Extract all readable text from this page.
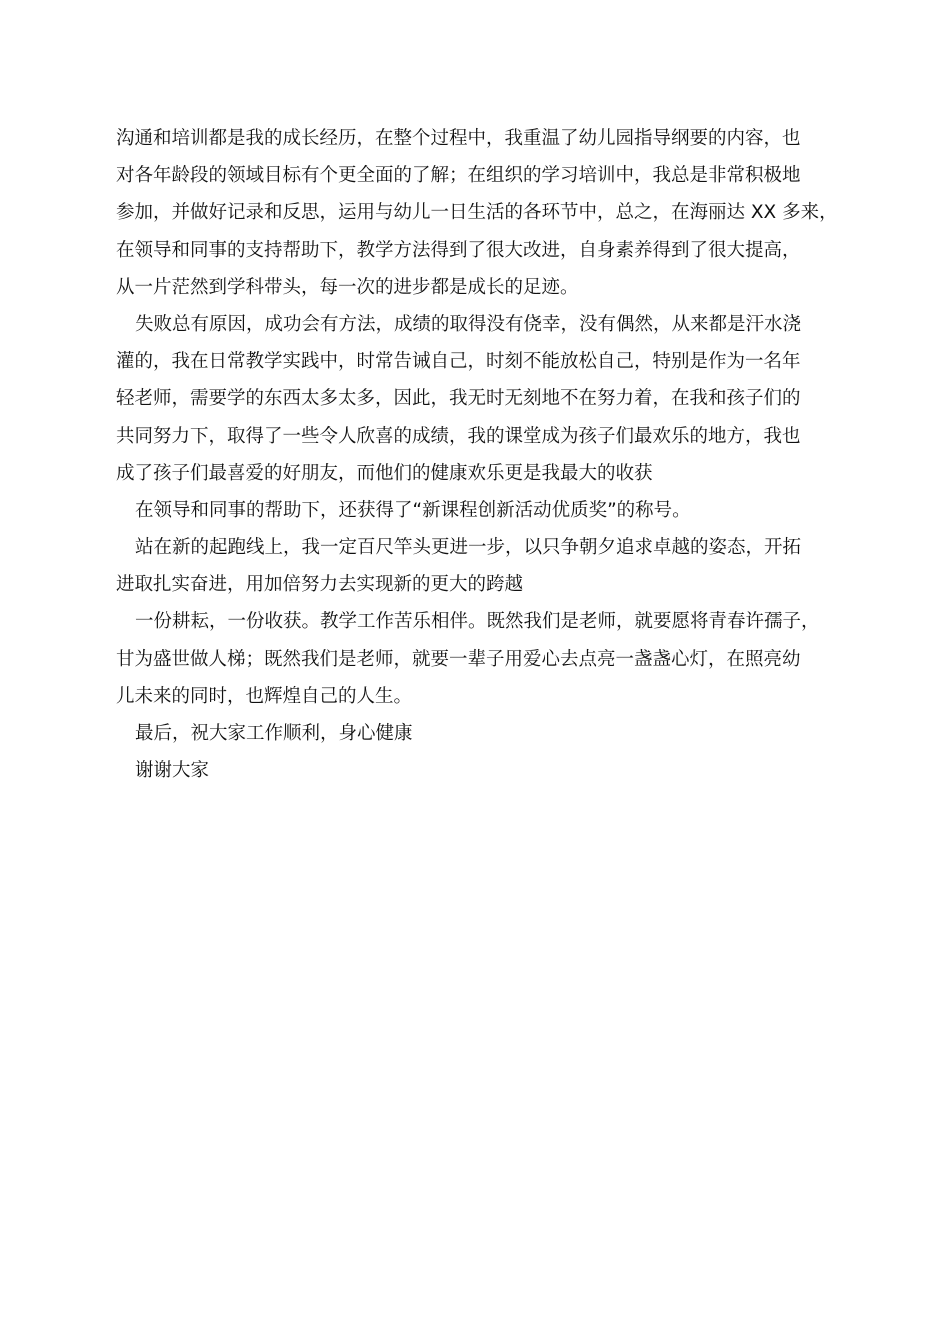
沟通和培训都是我的成长经历，在整个过程中，我重温了幼儿园指导纲要的内容，也
对各年龄段的领域目标有个更全面的了解；在组织的学习培训中，我总是非常积极地
参加，并做好记录和反思，运用与幼儿一日生活的各环节中，总之，在海丽达 XX 多来，
在领导和同事的支持帮助下，教学方法得到了很大改进，自身素养得到了很大提高，
从一片茫然到学科带头，每一次的进步都是成长的足迹。
失败总有原因，成功会有方法，成绩的取得没有侥幸，没有偶然，从来都是汗水浇
灌的，我在日常教学实践中，时常告诫自己，时刻不能放松自己，特别是作为一名年
轻老师，需要学的东西太多太多，因此，我无时无刻地不在努力着，在我和孩子们的
共同努力下，取得了一些令人欣喜的成绩，我的课堂成为孩子们最欢乐的地方，我也
成了孩子们最喜爱的好朋友，而他们的健康欢乐更是我最大的收获
在领导和同事的帮助下，还获得了“新课程创新活动优质奖”的称号。
站在新的起跑线上，我一定百尺竿头更进一步，以只争朝夕追求卓越的姿态，开拓
进取扎实奋进，用加倍努力去实现新的更大的跨越
一份耕耘，一份收获。教学工作苦乐相伴。既然我们是老师，就要愿将青春许孺子，
甘为盛世做人梯；既然我们是老师，就要一辈子用爱心去点亮一盏盏心灯，在照亮幼
儿未来的同时，也辉煌自己的人生。
最后，祝大家工作顺利，身心健康
谢谢大家
